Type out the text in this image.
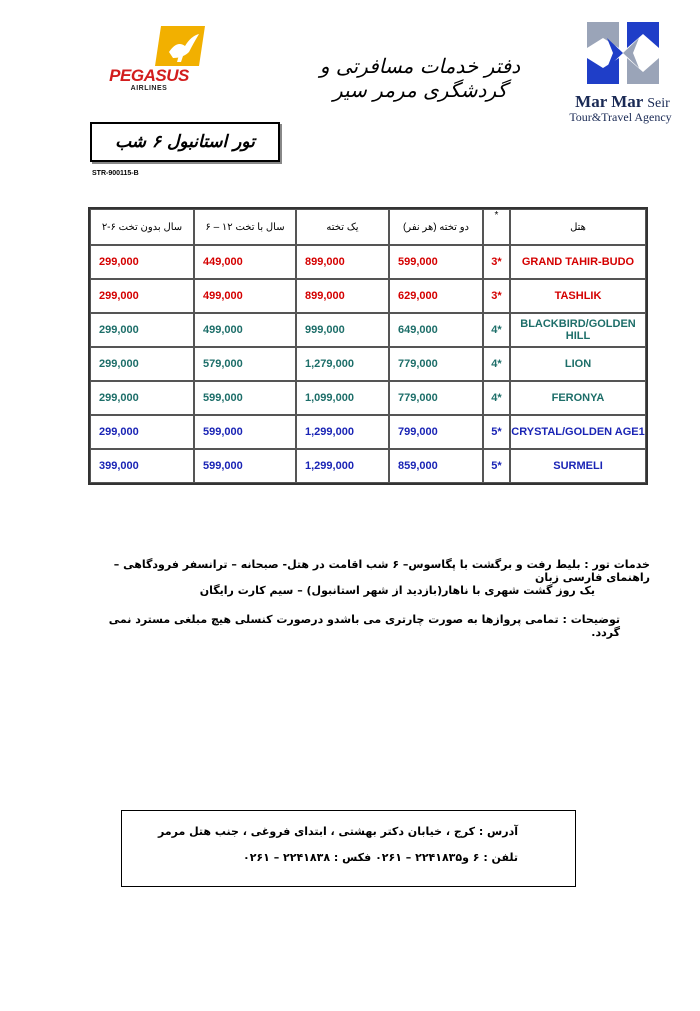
PEGASUS
AIRLINES
دفتر خدمات مسافرتی و گردشگری مرمر سیر	Mar Mar Seir
Tour&Travel Agency
تور استانبول ۶ شب
STR-900115-B
۲-۶ سال بدون تخت	۶ – ۱۲ سال با تخت	یک تخته	دو تخته (هر نفر)	*	هتل
299,000	449,000	899,000	599,000	3*	GRAND TAHIR-BUDO
299,000	499,000	899,000	629,000	3*	TASHLIK
299,000	499,000	999,000	649,000	4*	BLACKBIRD/GOLDEN HILL
299,000	579,000	1,279,000	779,000	4*	LION
299,000	599,000	1,099,000	779,000	4*	FERONYA
299,000	599,000	1,299,000	799,000	5*	CRYSTAL/GOLDEN AGE1
399,000	599,000	1,299,000	859,000	5*	SURMELI
خدمات تور : بلیط رفت و برگشت با پگاسوس– ۶ شب اقامت در هتل- صبحانه – ترانسفر فرودگاهی –راهنمای فارسی زبان
یک روز گشت شهری با ناهار(بازدید از شهر استانبول) – سیم کارت رایگان
توضیحات : تمامی پروازها به صورت چارتری می باشدو درصورت کنسلی هیچ مبلغی مسترد نمی گردد.
آدرس : کرج ، خیابان دکتر بهشتی ، ابتدای فروغی ، جنب هتل مرمر
تلفن : ۶ و۲۲۴۱۸۳۵ – ۰۲۶۱ فکس : ۲۲۴۱۸۳۸ – ۰۲۶۱
